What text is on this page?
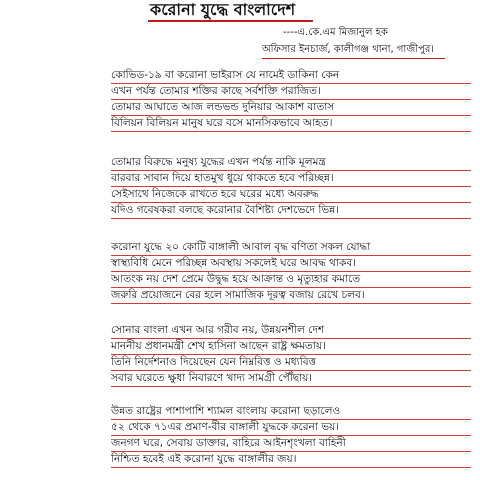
করোনা যুদ্ধে বাংলাদেশ
----এ.কে.এম মিজানুল হক
অফিসার ইনচার্জ, কালীগঞ্জ থানা, গাজীপুর।
কোভিড-১৯ বা করোনা ভাইরাস যে নামেই ডাকিনা কেন
এখন পর্যন্ত তোমার শক্তির কাছে সর্বশক্তি পরাজিত।
তোমার আঘাতে আজ লন্ডভন্ড দুনিয়ার আকাশ বাতাস
বিলিয়ন বিলিয়ন মানুষ ঘরে বসে মানসিকভাবে আহত।
তোমার বিরুদ্ধে মনুষ্য যুদ্ধের এখন পর্যন্ত নাকি মূলমন্ত্র
বারবার সাবান দিয়ে হাতমুখ ধুয়ে থাকতে হবে পরিচ্ছন্ন।
সেইসাথে নিজেকে রাখতে হবে ঘরের মধ্যে অবরুদ্ধ
যদিও গবেষকরা বলছে করোনার বৈশিষ্ট্য দেশভেদে ভিন্ন।
করোনা যুদ্ধে ২০ কোটি বাঙ্গালী আবাল বৃদ্ধ বণিতা সকল যোদ্ধা
স্বাস্থ্যবিধি মেনে পরিচ্ছন্ন অবস্থায় সকলেই ঘরে আবদ্ধ থাকব।
আতংক নয় দেশ প্রেমে উদ্বুদ্ধ হয়ে আক্রান্ত ও মৃত্যুহার কমাতে
জরুরি প্রয়োজনে বের হলে সামাজিক দূরত্ব বজায় রেখে চলব।
সোনার বাংলা এখন আর গরীব নয়, উন্নয়নশীল দেশ
মাননীয় প্রধানমন্ত্রী শেখ হাসিনা আছেন রাষ্ট্র ক্ষমতায়।
তিনি নির্দেশনাও দিয়েছেন যেন নিম্নবিত্ত ও মধ্যবিত্ত
সবার ঘরেতে ক্ষুধা নিবারণে খাদ্য সামগ্রী পৌঁছায়।
উন্নত রাষ্ট্রের পাশাপাশি শ্যামল বাংলায় করোনা ছড়ালেও
৫২ থেকে ৭১এর প্রমাণ-বীর বাঙ্গালী যুদ্ধকে করেনা ভয়।
জনগণ ঘরে, সেবায় ডাক্তার, বাহিরে আইনশৃংখলা বাহিনী
নিশ্চিত হবেই এই করোনা যুদ্ধে বাঙ্গালীর জয়।
